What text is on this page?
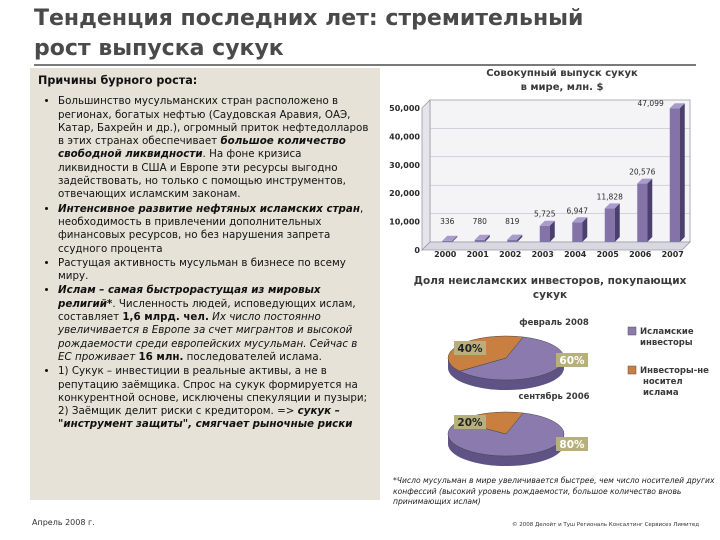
Тенденция последних лет: стремительный
рост выпуска сукук
Причины бурного роста:
• Большинство мусульманских стран расположено в регионах, богатых нефтью (Саудовская Аравия, ОАЭ, Катар, Бахрейн и др.), огромный приток нефтедолларов в этих странах обеспечивает большое количество свободной ликвидности. На фоне кризиса ликвидности в США и Европе эти ресурсы выгодно задействовать, но только с помощью инструментов, отвечающих исламским законам.
• Интенсивное развитие нефтяных исламских стран, необходимость в привлечении дополнительных финансовых ресурсов, но без нарушения запрета ссудного процента
• Растущая активность мусульман в бизнесе по всему миру.
• Ислам – самая быстрорастущая из мировых религий*. Численность людей, исповедующих ислам, составляет 1,6 млрд. чел. Их число постоянно увеличивается в Европе за счет мигрантов и высокой рождаемости среди европейских мусульман. Сейчас в ЕС проживает 16 млн. последователей ислама.
• 1) Сукук – инвестиции в реальные активы, а не в репутацию заёмщика. Спрос на сукук формируется на конкурентной основе, исключены спекуляции и пузыри; 2) Заёмщик делит риски с кредитором. => сукук – "инструмент защиты", смягчает рыночные риски
Совокупный выпуск сукук
в мире, млн. $
0
10,000
20,000
30,000
40,000
50,000
336
2000
780
2001
819
2002
5,725
2003
6,947
2004
11,828
2005
20,576
2006
47,099
2007
Доля неисламских инвесторов, покупающих сукук
февраль 2008
сентябрь 2006
60%
40%
80%
20%
Исламские инвесторы
Инвесторы-не носител ислама
*Число мусульман в мире увеличивается быстрее, чем число носителей других конфессий (высокий уровень рождаемости, большое количество вновь принимающих ислам)
Апрель 2008 г.	© 2008 Делойт и Туш Региональ Консалтинг Сервисез Лимитед
